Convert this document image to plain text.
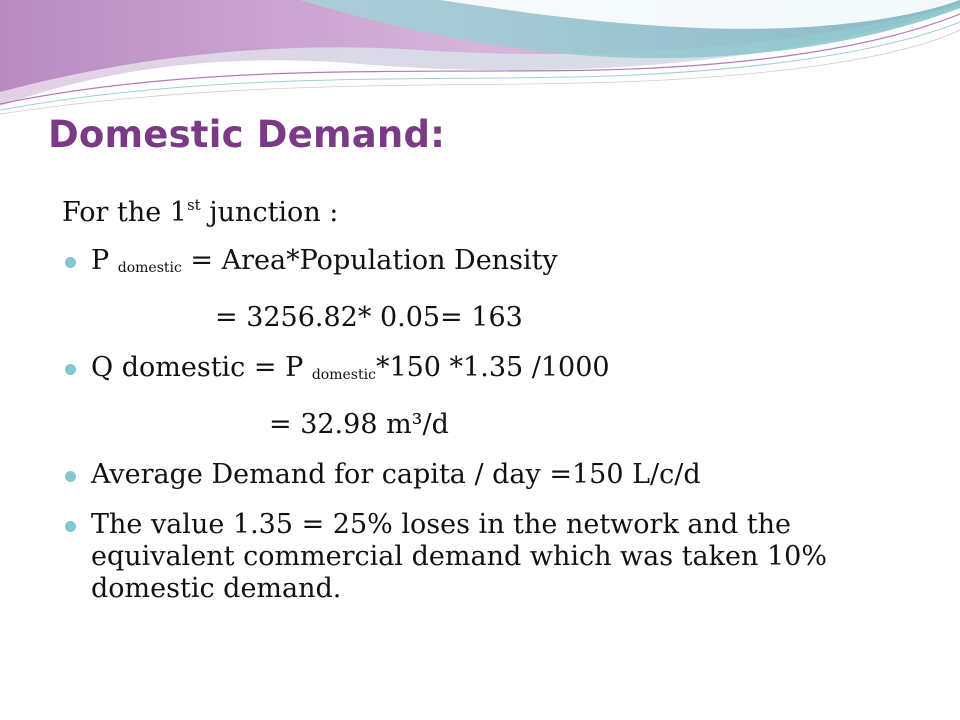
Domestic Demand:
For the 1st junction :
P $_{domestic}$ = Area*Population Density
= 3256.82* 0.05= 163
Q domestic = P $_{domestic}$*150 *1.35 /1000
= 32.98 m³/d
Average Demand for capita / day =150 L/c/d
The value 1.35 = 25% loses in the network and the equivalent commercial demand which was taken 10% domestic demand.
